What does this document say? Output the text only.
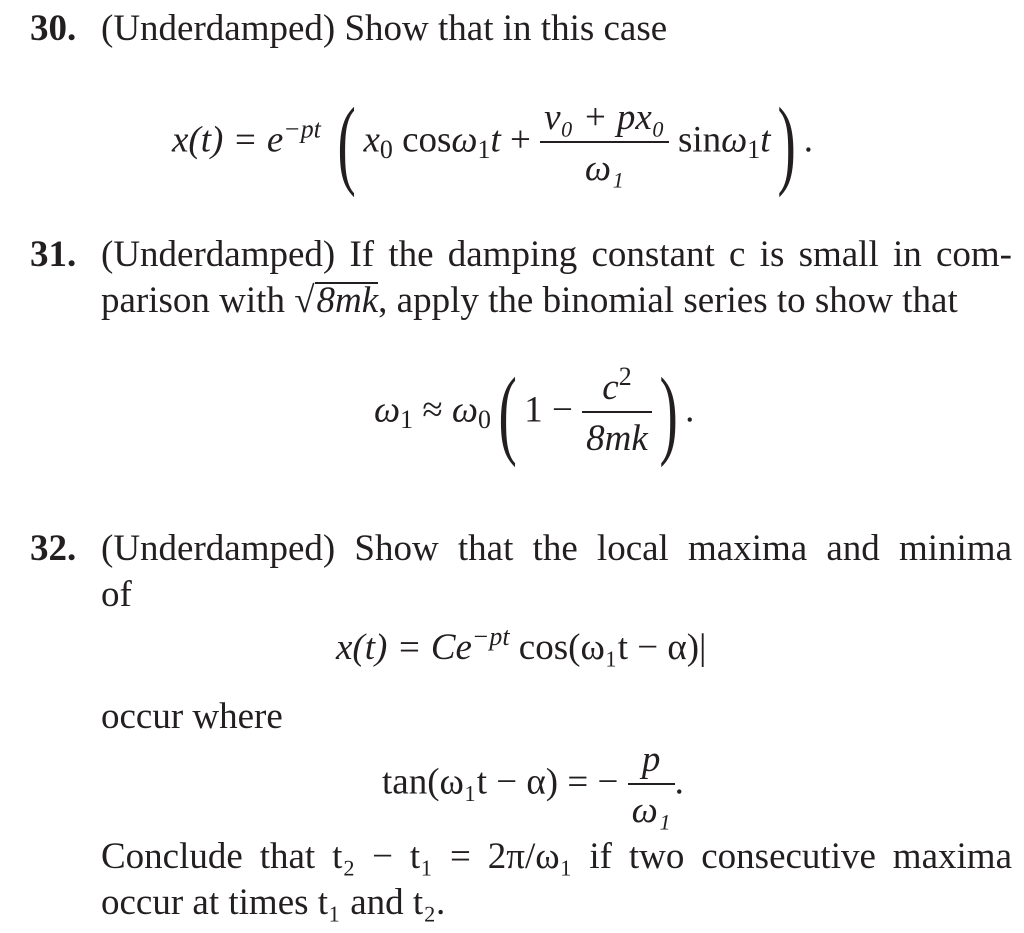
30. (Underdamped) Show that in this case
$x(t) = e^{-pt}$ ( $x_0$ $\cos\omega_1t + \frac{\text{v₀ + px₀}}{\text{ω₁}} \sin\omega_1t$) .
31. (Underdamped) If the damping constant c is small in com-
parison with √8mk, apply the binomial series to show that
$\omega_1 \approx \omega_0$( $1 - \frac{c^2}{8mk}$ ) .
32. (Underdamped) Show that the local maxima and minima
of
$x(t) = Ce^{-pt}$ cos(ω₁t − α)|
occur where
tan(ω₁t − α) = − $\frac{p}{\text{ω₁}}$ .
Conclude that t₂ − t₁ = 2π/ω₁ if two consecutive maxima
occur at times t₁ and t₂.
